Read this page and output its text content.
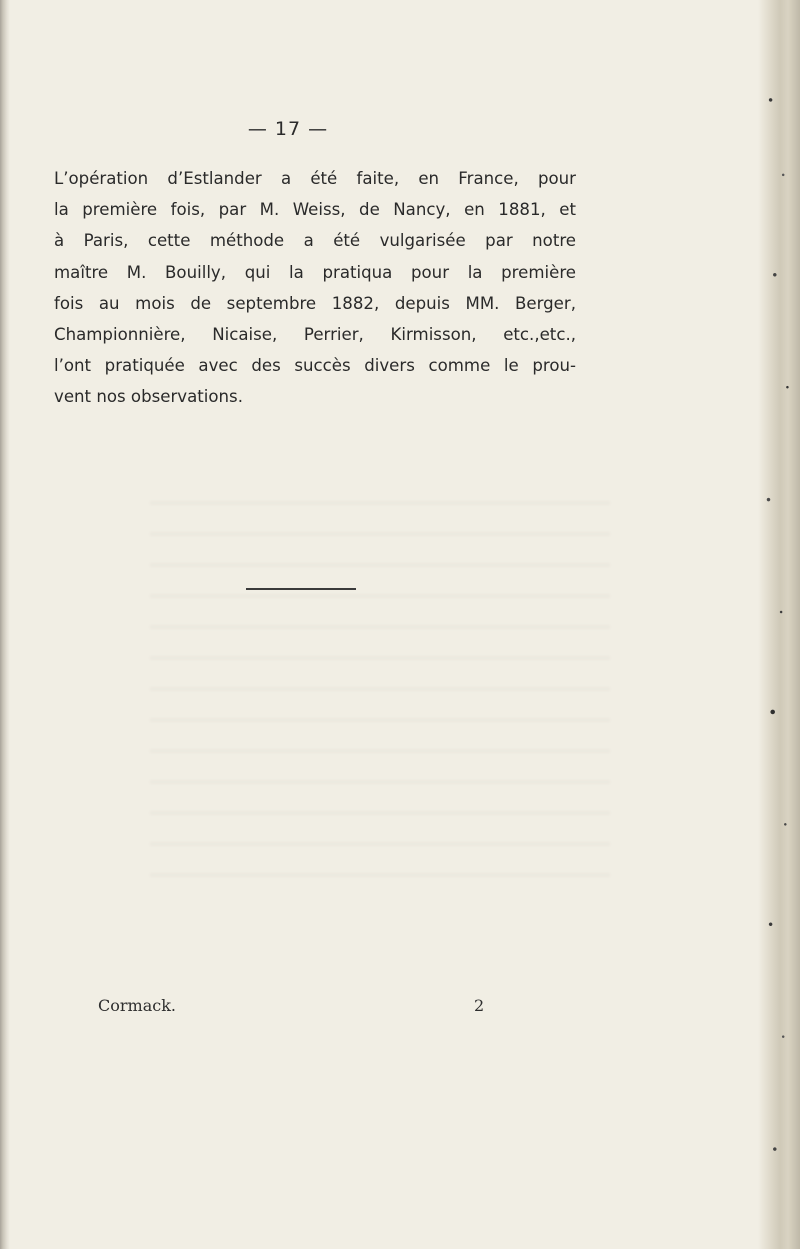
— 17 —

L’opération d’Estlander a été faite, en France, pour
la première fois, par M. Weiss, de Nancy, en 1881, et
à Paris, cette méthode a été vulgarisée par notre
maître M. Bouilly, qui la pratiqua pour la première
fois au mois de septembre 1882, depuis MM. Berger,
Championnière, Nicaise, Perrier, Kirmisson, etc.,etc.,
l’ont pratiquée avec des succès divers comme le prou-
vent nos observations.

Cormack.	2
